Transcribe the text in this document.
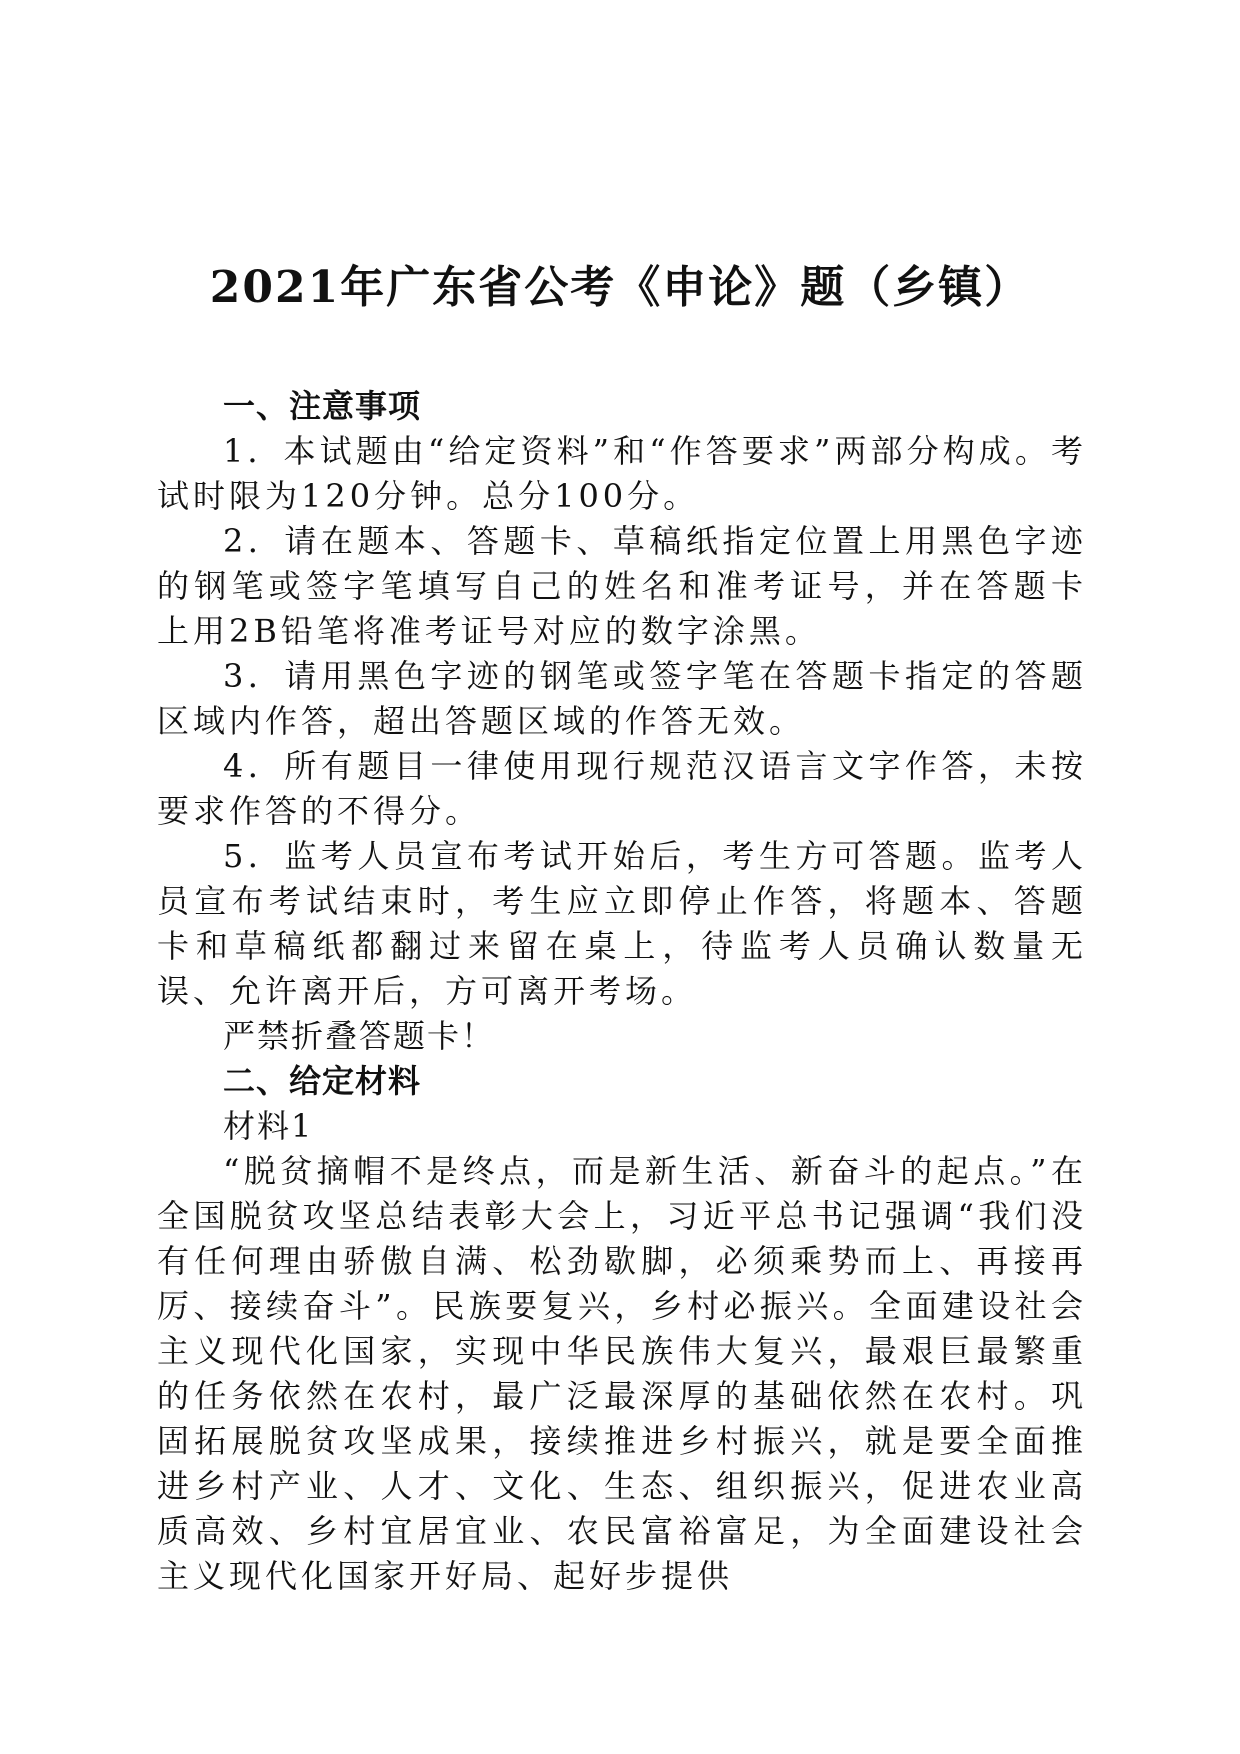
2021年广东省公考《申论》题（乡镇）

一、注意事项

1．本试题由“给定资料”和“作答要求”两部分构成。考试时限为120分钟。总分100分。

2．请在题本、答题卡、草稿纸指定位置上用黑色字迹的钢笔或签字笔填写自己的姓名和准考证号，并在答题卡上用2B铅笔将准考证号对应的数字涂黑。

3．请用黑色字迹的钢笔或签字笔在答题卡指定的答题区域内作答，超出答题区域的作答无效。

4．所有题目一律使用现行规范汉语言文字作答，未按要求作答的不得分。

5．监考人员宣布考试开始后，考生方可答题。监考人员宣布考试结束时，考生应立即停止作答，将题本、答题卡和草稿纸都翻过来留在桌上，待监考人员确认数量无误、允许离开后，方可离开考场。

严禁折叠答题卡！

二、给定材料

材料1

“脱贫摘帽不是终点，而是新生活、新奋斗的起点。”在全国脱贫攻坚总结表彰大会上，习近平总书记强调“我们没有任何理由骄傲自满、松劲歇脚，必须乘势而上、再接再厉、接续奋斗”。民族要复兴，乡村必振兴。全面建设社会主义现代化国家，实现中华民族伟大复兴，最艰巨最繁重的任务依然在农村，最广泛最深厚的基础依然在农村。巩固拓展脱贫攻坚成果，接续推进乡村振兴，就是要全面推进乡村产业、人才、文化、生态、组织振兴，促进农业高质高效、乡村宜居宜业、农民富裕富足，为全面建设社会主义现代化国家开好局、起好步提供
